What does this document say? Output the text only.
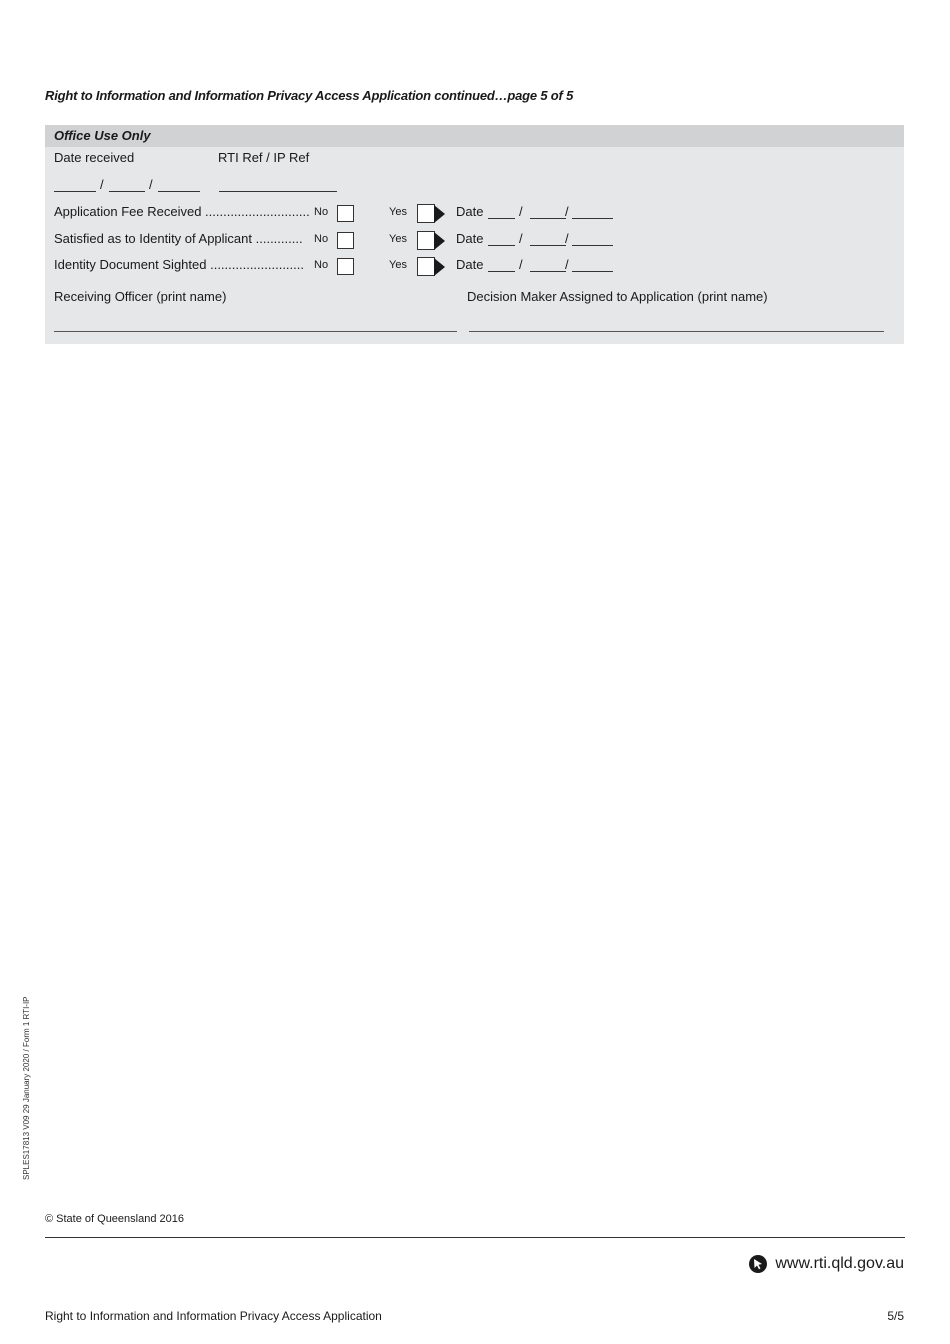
Right to Information and Information Privacy Access Application continued…page 5 of 5
Office Use Only
Date received	RTI Ref / IP Ref
/	/
Application Fee Received ............................. No	Yes	Date	/	/
Satisfied as to Identity of Applicant ............. No	Yes	Date	/	/
Identity Document Sighted .......................... No	Yes	Date	/	/
Receiving Officer (print name)	Decision Maker Assigned to Application (print name)
SPLES17813 V09 29 January 2020 / Form 1 RTI-IP
© State of Queensland 2016
www.rti.qld.gov.au
Right to Information and Information Privacy Access Application	5/5
